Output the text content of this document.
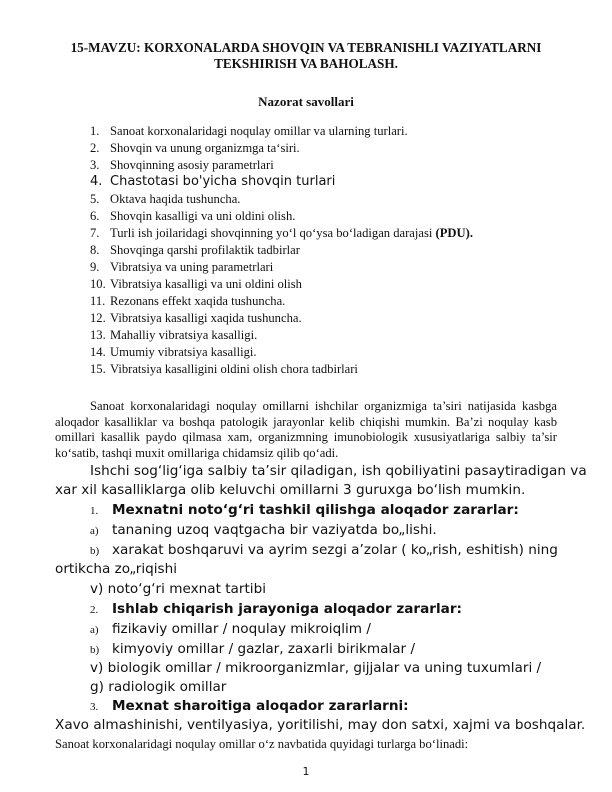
15-MAVZU: KORXONALARDA SHOVQIN VA TEBRANISHLI VAZIYATLARNI TEKSHIRISH VA BAHOLASH.
Nazorat savollari
1. Sanoat korxonalaridagi noqulay omillar va ularning turlari.
2. Shovqin va unung organizmga ta‘siri.
3. Shovqinning asosiy parametrlari
4. Chastotasi bo'yicha shovqin turlari
5. Oktava haqida tushuncha.
6. Shovqin kasalligi va uni oldini olish.
7. Turli ish joilaridagi shovqinning yo‘l qo‘ysa bo‘ladigan darajasi (PDU).
8. Shovqinga qarshi profilaktik tadbirlar
9. Vibratsiya va uning parametrlari
10. Vibratsiya kasalligi va uni oldini olish
11. Rezonans effekt xaqida tushuncha.
12. Vibratsiya kasalligi xaqida tushuncha.
13. Mahalliy vibratsiya kasalligi.
14. Umumiy vibratsiya kasalligi.
15. Vibratsiya kasalligini oldini olish chora tadbirlari

Sanoat korxonalaridagi noqulay omillarni ishchilar organizmiga ta’siri natijasida kasbga aloqador kasalliklar va boshqa patologik jarayonlar kelib chiqishi mumkin. Ba’zi noqulay kasb omillari kasallik paydo qilmasa xam, organizmning imunobiologik xususiyatlariga salbiy ta’sir ko‘satib, tashqi muxit omillariga chidamsiz qilib qo‘adi.

Ishchi sog‘lig‘iga salbiy ta’sir qiladigan, ish qobiliyatini pasaytiradigan va
xar xil kasalliklarga olib keluvchi omillarni 3 guruxga bo‘lish mumkin.
1. Mexnatni noto‘g‘ri tashkil qilishga aloqador zararlar:
a) tananing uzoq vaqtgacha bir vaziyatda bo„lishi.
b) xarakat boshqaruvi va ayrim sezgi a’zolar ( ko„rish, eshitish) ning
ortikcha zo„riqishi
v) noto‘g‘ri mexnat tartibi
2. Ishlab chiqarish jarayoniga aloqador zararlar:
a) fizikaviy omillar / noqulay mikroiqlim /
b) kimyoviy omillar / gazlar, zaxarli birikmalar /
v) biologik omillar / mikroorganizmlar, gijjalar va uning tuxumlari /
g) radiologik omillar
3. Mexnat sharoitiga aloqador zararlarni:
Xavo almashinishi, ventilyasiya, yoritilishi, may don satxi, xajmi va boshqalar.
Sanoat korxonalaridagi noqulay omillar o‘z navbatida quyidagi turlarga bo‘linadi:
1
